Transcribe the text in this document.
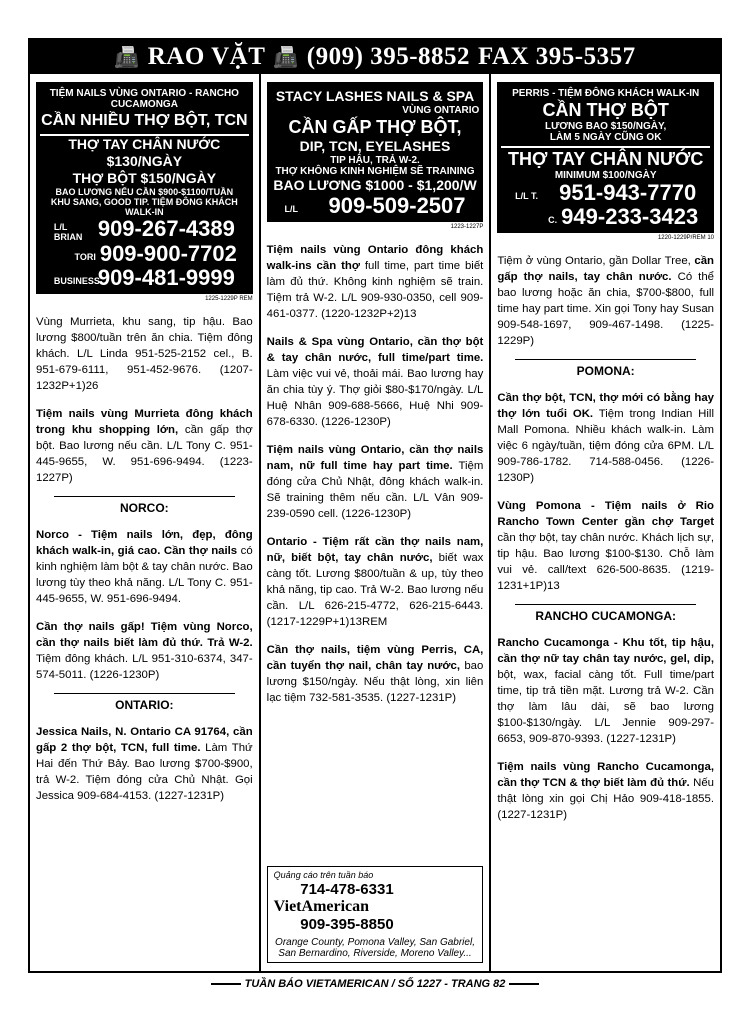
📠 RAO VẶT 📠 (909) 395-8852 FAX 395-5357
TIỆM NAILS VÙNG ONTARIO - RANCHO CUCAMONGA
CẦN NHIỀU THỢ BỘT, TCN
THỢ TAY CHÂN NƯỚC $130/NGÀY
THỢ BỘT $150/NGÀY
BAO LƯƠNG NẾU CẦN $900-$1100/TUẦN
KHU SANG, GOOD TIP. TIỆM ĐÔNG KHÁCH WALK-IN
L/L BRIAN 909-267-4389
TORI 909-900-7702
BUSINESS909-481-9999
1225-1229P REM
Vùng Murrieta, khu sang, tip hậu. Bao lương $800/tuần trên ăn chia. Tiệm đông khách. L/L Linda 951-525-2152 cel., B. 951-679-6111, 951-452-9676. (1207-1232P+1)26
Tiệm nails vùng Murrieta đông khách trong khu shopping lớn, cần gấp thợ bột. Bao lương nếu cần. L/L Tony C. 951-445-9655, W. 951-696-9494. (1223-1227P)
NORCO:
Norco - Tiệm nails lớn, đẹp, đông khách walk-in, giá cao. Cần thợ nails có kinh nghiệm làm bột & tay chân nước. Bao lương tùy theo khả năng. L/L Tony C. 951-445-9655, W. 951-696-9494.
Cần thợ nails gấp! Tiệm vùng Norco, cần thợ nails biết làm đủ thứ. Trả W-2. Tiệm đông khách. L/L 951-310-6374, 347-574-5011. (1226-1230P)
ONTARIO:
Jessica Nails, N. Ontario CA 91764, cần gấp 2 thợ bột, TCN, full time. Làm Thứ Hai đến Thứ Bảy. Bao lương $700-$900, trả W-2. Tiệm đóng cửa Chủ Nhật. Gọi Jessica 909-684-4153. (1227-1231P)
STACY LASHES NAILS & SPA
VÙNG ONTARIO
CẦN GẤP THỢ BỘT,
DIP, TCN, EYELASHES
TIP HẬU, TRẢ W-2.
THỢ KHÔNG KINH NGHIỆM SẼ TRAINING
BAO LƯƠNG $1000 - $1,200/W
L/L 909-509-2507
1223-1227P
Tiệm nails vùng Ontario đông khách walk-ins cần thợ full time, part time biết làm đủ thứ. Không kinh nghiệm sẽ train. Tiệm trả W-2. L/L 909-930-0350, cell 909-461-0377. (1220-1232P+2)13
Nails & Spa vùng Ontario, cần thợ bột & tay chân nước, full time/part time. Làm việc vui vẻ, thoải mái. Bao lương hay ăn chia tùy ý. Thợ giỏi $80-$170/ngày. L/L Huệ Nhân 909-688-5666, Huệ Nhi 909-678-6330. (1226-1230P)
Tiệm nails vùng Ontario, cần thợ nails nam, nữ full time hay part time. Tiệm đóng cửa Chủ Nhật, đông khách walk-in. Sẽ training thêm nếu cần. L/L Vân 909-239-0590 cell. (1226-1230P)
Ontario - Tiệm rất cần thợ nails nam, nữ, biết bột, tay chân nước, biết wax càng tốt. Lương $800/tuần & up, tùy theo khả năng, tip cao. Trả W-2. Bao lương nếu cần. L/L 626-215-4772, 626-215-6443. (1217-1229P+1)13REM
Cần thợ nails, tiệm vùng Perris, CA, cần tuyển thợ nail, chân tay nước, bao lương $150/ngày. Nếu thật lòng, xin liên lạc tiệm 732-581-3535. (1227-1231P)
Quảng cáo trên tuần báo 714-478-6331
VietAmerican 909-395-8850
Orange County, Pomona Valley, San Gabriel, San Bernardino, Riverside, Moreno Valley...
PERRIS - TIỆM ĐÔNG KHÁCH WALK-IN
CẦN THỢ BỘT
LƯƠNG BAO $150/NGÀY,
LÀM 5 NGÀY CŨNG OK
THỢ TAY CHÂN NƯỚC
MINIMUM $100/NGÀY
L/L T. 951-943-7770
C. 949-233-3423
1220-1229P/REM 10
Tiệm ở vùng Ontario, gần Dollar Tree, cần gấp thợ nails, tay chân nước. Có thể bao lương hoặc ăn chia, $700-$800, full time hay part time. Xin gọi Tony hay Susan 909-548-1697, 909-467-1498. (1225-1229P)
POMONA:
Cần thợ bột, TCN, thợ mới có bằng hay thợ lớn tuổi OK. Tiệm trong Indian Hill Mall Pomona. Nhiều khách walk-in. Làm việc 6 ngày/tuần, tiệm đóng cửa 6PM. L/L 909-786-1782. 714-588-0456. (1226-1230P)
Vùng Pomona - Tiệm nails ở Rio Rancho Town Center gần chợ Target cần thợ bột, tay chân nước. Khách lịch sự, tip hậu. Bao lương $100-$130. Chỗ làm vui vẻ. call/text 626-500-8635. (1219-1231+1P)13
RANCHO CUCAMONGA:
Rancho Cucamonga - Khu tốt, tip hậu, cần thợ nữ tay chân tay nước, gel, dip, bột, wax, facial càng tốt. Full time/part time, tip trả tiền mặt. Lương trả W-2. Cần thợ làm lâu dài, sẽ bao lương $100-$130/ngày. L/L Jennie 909-297-6653, 909-870-9393. (1227-1231P)
Tiệm nails vùng Rancho Cucamonga, cần thợ TCN & thợ biết làm đủ thứ. Nếu thật lòng xin gọi Chị Hảo 909-418-1855. (1227-1231P)
TUẦN BÁO VIETAMERICAN / SỐ 1227 - TRANG 82
